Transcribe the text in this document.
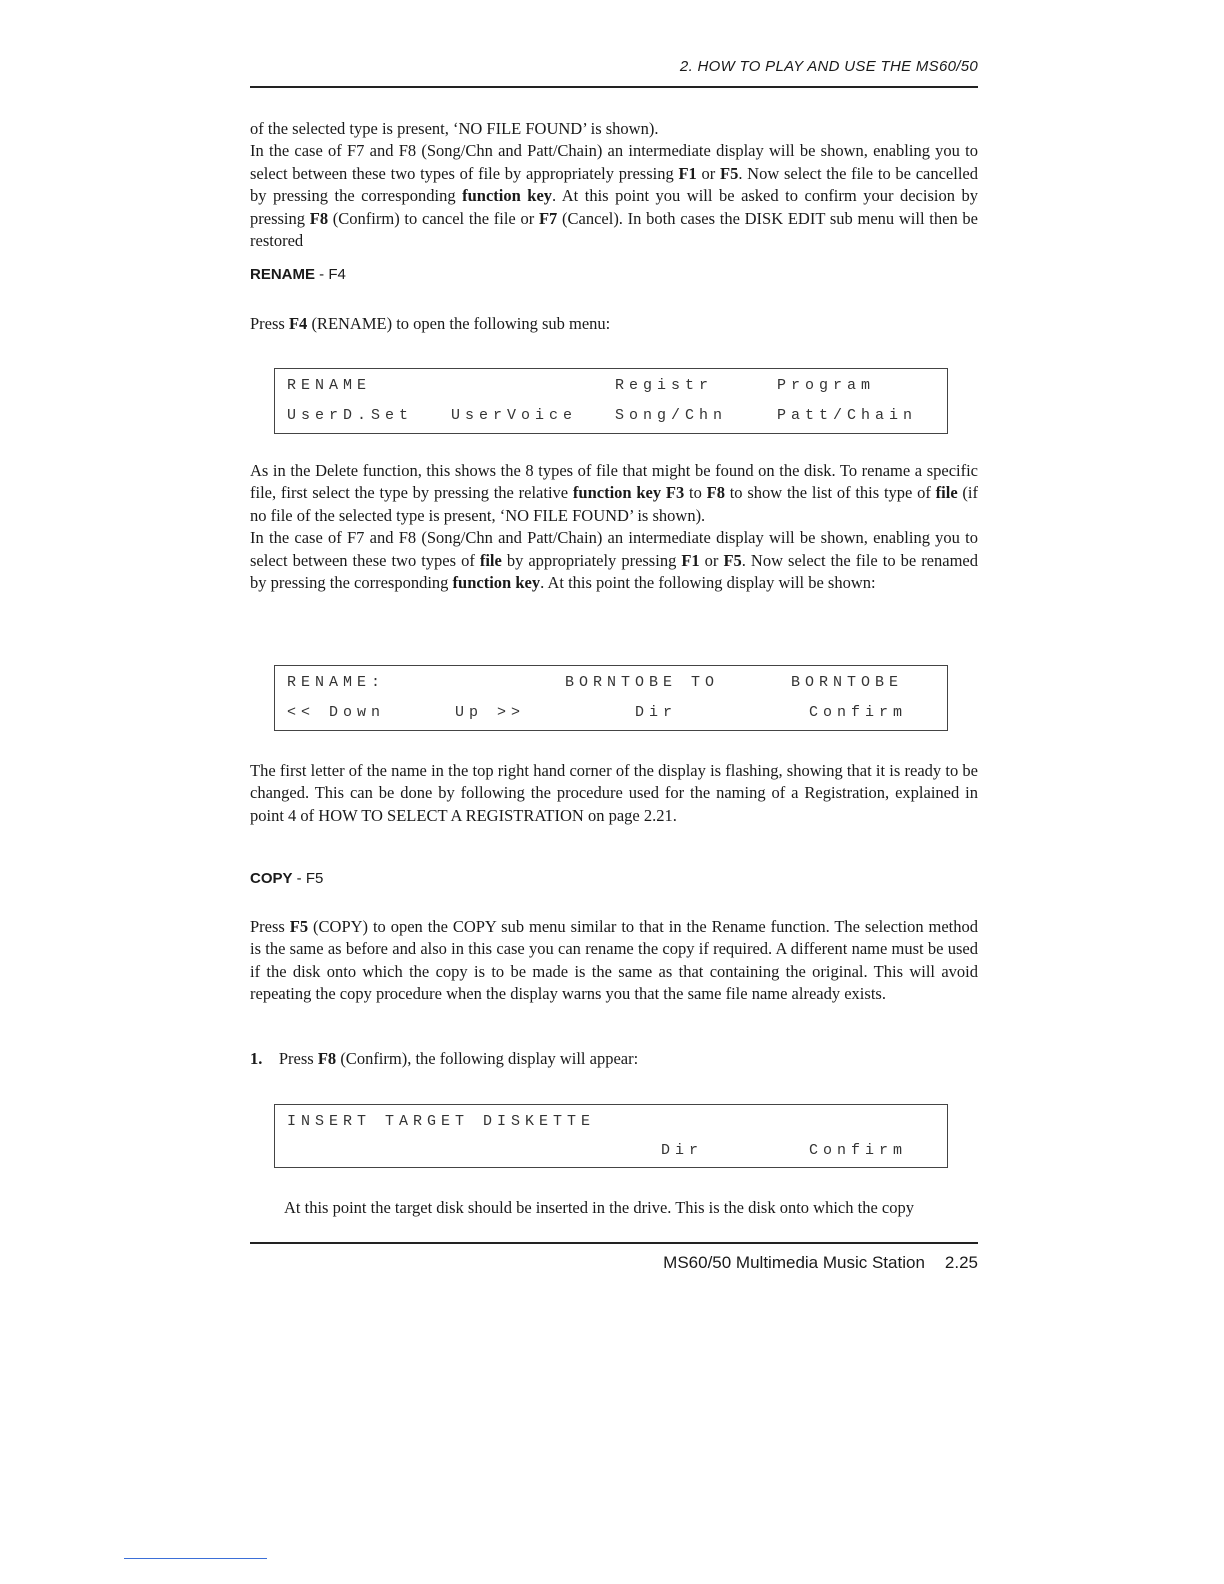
2. HOW TO PLAY AND USE THE MS60/50

of the selected type is present, ‘NO FILE FOUND’ is shown).
In the case of F7 and F8 (Song/Chn and Patt/Chain) an intermediate display will be shown, enabling you to select between these two types of file by appropriately pressing F1 or F5. Now select the file to be cancelled by pressing the corresponding function key. At this point you will be asked to confirm your decision by pressing F8 (Confirm) to cancel the file or F7 (Cancel). In both cases the DISK EDIT sub menu will then be restored

RENAME - F4

Press F4 (RENAME) to open the following sub menu:

RENAME	Registr	Program
UserD.Set	UserVoice	Song/Chn	Patt/Chain

As in the Delete function, this shows the 8 types of file that might be found on the disk. To rename a specific file, first select the type by pressing the relative function key F3 to F8 to show the list of this type of file (if no file of the selected type is present, ‘NO FILE FOUND’ is shown).
In the case of F7 and F8 (Song/Chn and Patt/Chain) an intermediate display will be shown, enabling you to select between these two types of file by appropriately pressing F1 or F5. Now select the file to be renamed by pressing the corresponding function key. At this point the following display will be shown:

RENAME:	BORNTOBE TO	BORNTOBE
<< Down	Up >>	Dir	Confirm

The first letter of the name in the top right hand corner of the display is flashing, showing that it is ready to be changed. This can be done by following the procedure used for the naming of a Registration, explained in point 4 of HOW TO SELECT A REGISTRATION on page 2.21.

COPY - F5

Press F5 (COPY) to open the COPY sub menu similar to that in the Rename function. The selection method is the same as before and also in this case you can rename the copy if required. A different name must be used if the disk onto which the copy is to be made is the same as that containing the original. This will avoid repeating the copy procedure when the display warns you that the same file name already exists.

1. Press F8 (Confirm), the following display will appear:

INSERT TARGET DISKETTE
Dir	Confirm

At this point the target disk should be inserted in the drive. This is the disk onto which the copy

MS60/50 Multimedia Music Station 2.25
